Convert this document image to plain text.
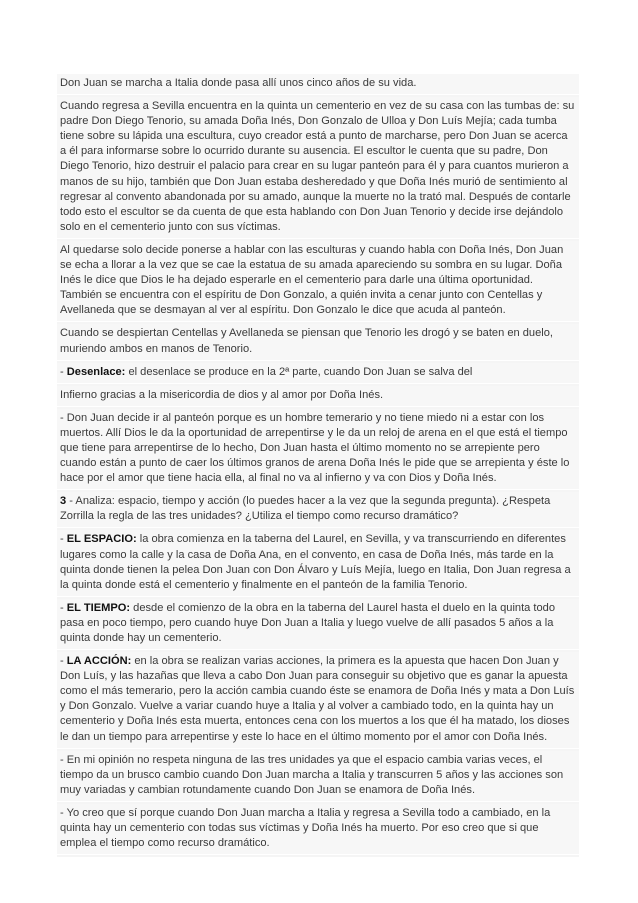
Don Juan se marcha a Italia donde pasa allí unos cinco años de su vida.

Cuando regresa a Sevilla encuentra en la quinta un cementerio en vez de su casa con las tumbas de: su padre Don Diego Tenorio, su amada Doña Inés, Don Gonzalo de Ulloa y Don Luís Mejía; cada tumba tiene sobre su lápida una escultura, cuyo creador está a punto de marcharse, pero Don Juan se acerca a él para informarse sobre lo ocurrido durante su ausencia. El escultor le cuenta que su padre, Don Diego Tenorio, hizo destruir el palacio para crear en su lugar panteón para él y para cuantos murieron a manos de su hijo, también que Don Juan estaba desheredado y que Doña Inés murió de sentimiento al regresar al convento abandonada por su amado, aunque la muerte no la trató mal. Después de contarle todo esto el escultor se da cuenta de que esta hablando con Don Juan Tenorio y decide irse dejándolo solo en el cementerio junto con sus víctimas.

Al quedarse solo decide ponerse a hablar con las esculturas y cuando habla con Doña Inés, Don Juan se echa a llorar a la vez que se cae la estatua de su amada apareciendo su sombra en su lugar. Doña Inés le dice que Dios le ha dejado esperarle en el cementerio para darle una última oportunidad. También se encuentra con el espíritu de Don Gonzalo, a quién invita a cenar junto con Centellas y Avellaneda que se desmayan al ver al espíritu. Don Gonzalo le dice que acuda al panteón.

Cuando se despiertan Centellas y Avellaneda se piensan que Tenorio les drogó y se baten en duelo, muriendo ambos en manos de Tenorio.

- Desenlace: el desenlace se produce en la 2ª parte, cuando Don Juan se salva del

Infierno gracias a la misericordia de dios y al amor por Doña Inés.

- Don Juan decide ir al panteón porque es un hombre temerario y no tiene miedo ni a estar con los muertos. Allí Dios le da la oportunidad de arrepentirse y le da un reloj de arena en el que está el tiempo que tiene para arrepentirse de lo hecho, Don Juan hasta el último momento no se arrepiente pero cuando están a punto de caer los últimos granos de arena Doña Inés le pide que se arrepienta y éste lo hace por el amor que tiene hacia ella, al final no va al infierno y va con Dios y Doña Inés.

3 - Analiza: espacio, tiempo y acción (lo puedes hacer a la vez que la segunda pregunta). ¿Respeta Zorrilla la regla de las tres unidades? ¿Utiliza el tiempo como recurso dramático?

- EL ESPACIO: la obra comienza en la taberna del Laurel, en Sevilla, y va transcurriendo en diferentes lugares como la calle y la casa de Doña Ana, en el convento, en casa de Doña Inés, más tarde en la quinta donde tienen la pelea Don Juan con Don Álvaro y Luís Mejía, luego en Italia, Don Juan regresa a la quinta donde está el cementerio y finalmente en el panteón de la familia Tenorio.

- EL TIEMPO: desde el comienzo de la obra en la taberna del Laurel hasta el duelo en la quinta todo pasa en poco tiempo, pero cuando huye Don Juan a Italia y luego vuelve de allí pasados 5 años a la quinta donde hay un cementerio.

- LA ACCIÓN: en la obra se realizan varias acciones, la primera es la apuesta que hacen Don Juan y Don Luís, y las hazañas que lleva a cabo Don Juan para conseguir su objetivo que es ganar la apuesta como el más temerario, pero la acción cambia cuando éste se enamora de Doña Inés y mata a Don Luís y Don Gonzalo. Vuelve a variar cuando huye a Italia y al volver a cambiado todo, en la quinta hay un cementerio y Doña Inés esta muerta, entonces cena con los muertos a los que él ha matado, los dioses le dan un tiempo para arrepentirse y este lo hace en el último momento por el amor con Doña Inés.

- En mi opinión no respeta ninguna de las tres unidades ya que el espacio cambia varias veces, el tiempo da un brusco cambio cuando Don Juan marcha a Italia y transcurren 5 años y las acciones son muy variadas y cambian rotundamente cuando Don Juan se enamora de Doña Inés.

- Yo creo que sí porque cuando Don Juan marcha a Italia y regresa a Sevilla todo a cambiado, en la quinta hay un cementerio con todas sus víctimas y Doña Inés ha muerto. Por eso creo que si que emplea el tiempo como recurso dramático.
